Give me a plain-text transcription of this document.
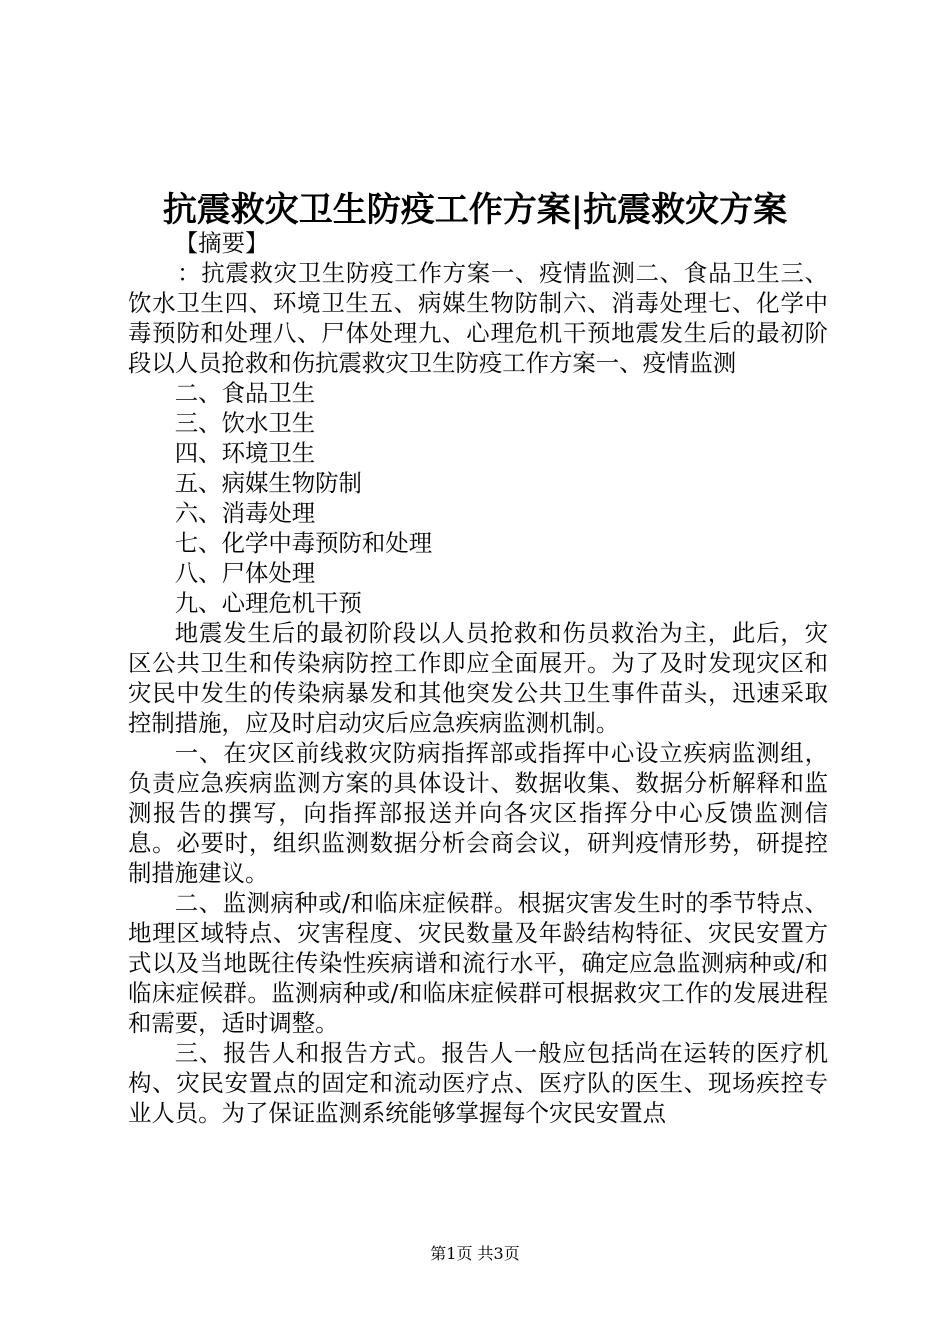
抗震救灾卫生防疫工作方案|抗震救灾方案

【摘要】

：抗震救灾卫生防疫工作方案一、疫情监测二、食品卫生三、饮水卫生四、环境卫生五、病媒生物防制六、消毒处理七、化学中毒预防和处理八、尸体处理九、心理危机干预地震发生后的最初阶段以人员抢救和伤抗震救灾卫生防疫工作方案一、疫情监测

二、食品卫生

三、饮水卫生

四、环境卫生

五、病媒生物防制

六、消毒处理

七、化学中毒预防和处理

八、尸体处理

九、心理危机干预

地震发生后的最初阶段以人员抢救和伤员救治为主，此后，灾区公共卫生和传染病防控工作即应全面展开。为了及时发现灾区和灾民中发生的传染病暴发和其他突发公共卫生事件苗头，迅速采取控制措施，应及时启动灾后应急疾病监测机制。

一、在灾区前线救灾防病指挥部或指挥中心设立疾病监测组，负责应急疾病监测方案的具体设计、数据收集、数据分析解释和监测报告的撰写，向指挥部报送并向各灾区指挥分中心反馈监测信息。必要时，组织监测数据分析会商会议，研判疫情形势，研提控制措施建议。

二、监测病种或/和临床症候群。根据灾害发生时的季节特点、地理区域特点、灾害程度、灾民数量及年龄结构特征、灾民安置方式以及当地既往传染性疾病谱和流行水平，确定应急监测病种或/和临床症候群。监测病种或/和临床症候群可根据救灾工作的发展进程和需要，适时调整。

三、报告人和报告方式。报告人一般应包括尚在运转的医疗机构、灾民安置点的固定和流动医疗点、医疗队的医生、现场疾控专业人员。为了保证监测系统能够掌握每个灾民安置点

第1页 共3页
